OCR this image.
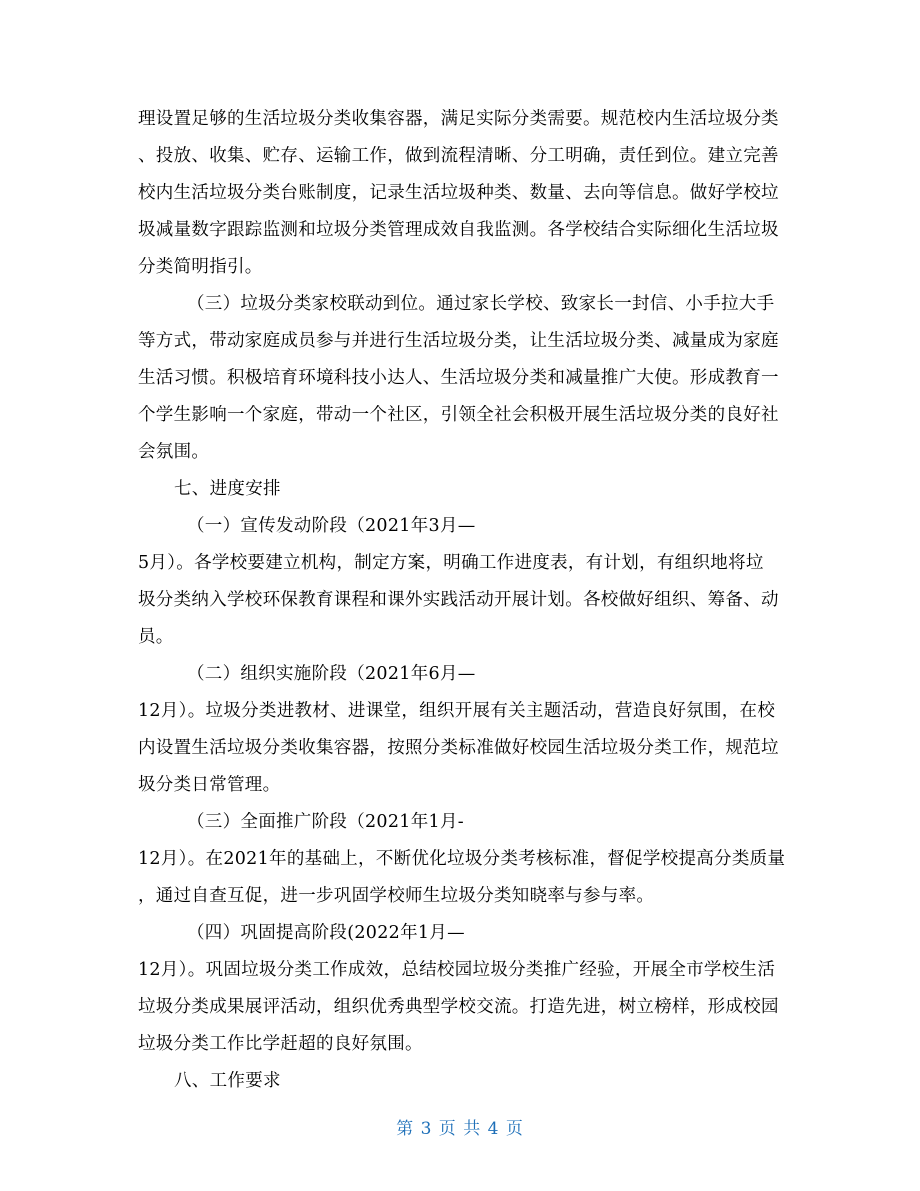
理设置足够的生活垃圾分类收集容器，满足实际分类需要。规范校内生活垃圾分类
、投放、收集、贮存、运输工作，做到流程清晰、分工明确，责任到位。建立完善
校内生活垃圾分类台账制度，记录生活垃圾种类、数量、去向等信息。做好学校垃
圾减量数字跟踪监测和垃圾分类管理成效自我监测。各学校结合实际细化生活垃圾
分类简明指引。
（三）垃圾分类家校联动到位。通过家长学校、致家长一封信、小手拉大手
等方式，带动家庭成员参与并进行生活垃圾分类，让生活垃圾分类、减量成为家庭
生活习惯。积极培育环境科技小达人、生活垃圾分类和减量推广大使。形成教育一
个学生影响一个家庭，带动一个社区，引领全社会积极开展生活垃圾分类的良好社
会氛围。
七、进度安排
（一）宣传发动阶段（2021年3月—
5月）。各学校要建立机构，制定方案，明确工作进度表，有计划，有组织地将垃
圾分类纳入学校环保教育课程和课外实践活动开展计划。各校做好组织、筹备、动
员。
（二）组织实施阶段（2021年6月—
12月）。垃圾分类进教材、进课堂，组织开展有关主题活动，营造良好氛围，在校
内设置生活垃圾分类收集容器，按照分类标准做好校园生活垃圾分类工作，规范垃
圾分类日常管理。
（三）全面推广阶段（2021年1月-
12月）。在2021年的基础上，不断优化垃圾分类考核标准，督促学校提高分类质量
，通过自查互促，进一步巩固学校师生垃圾分类知晓率与参与率。
（四）巩固提高阶段(2022年1月—
12月）。巩固垃圾分类工作成效，总结校园垃圾分类推广经验，开展全市学校生活
垃圾分类成果展评活动，组织优秀典型学校交流。打造先进，树立榜样，形成校园
垃圾分类工作比学赶超的良好氛围。
八、工作要求
第 3 页 共 4 页
